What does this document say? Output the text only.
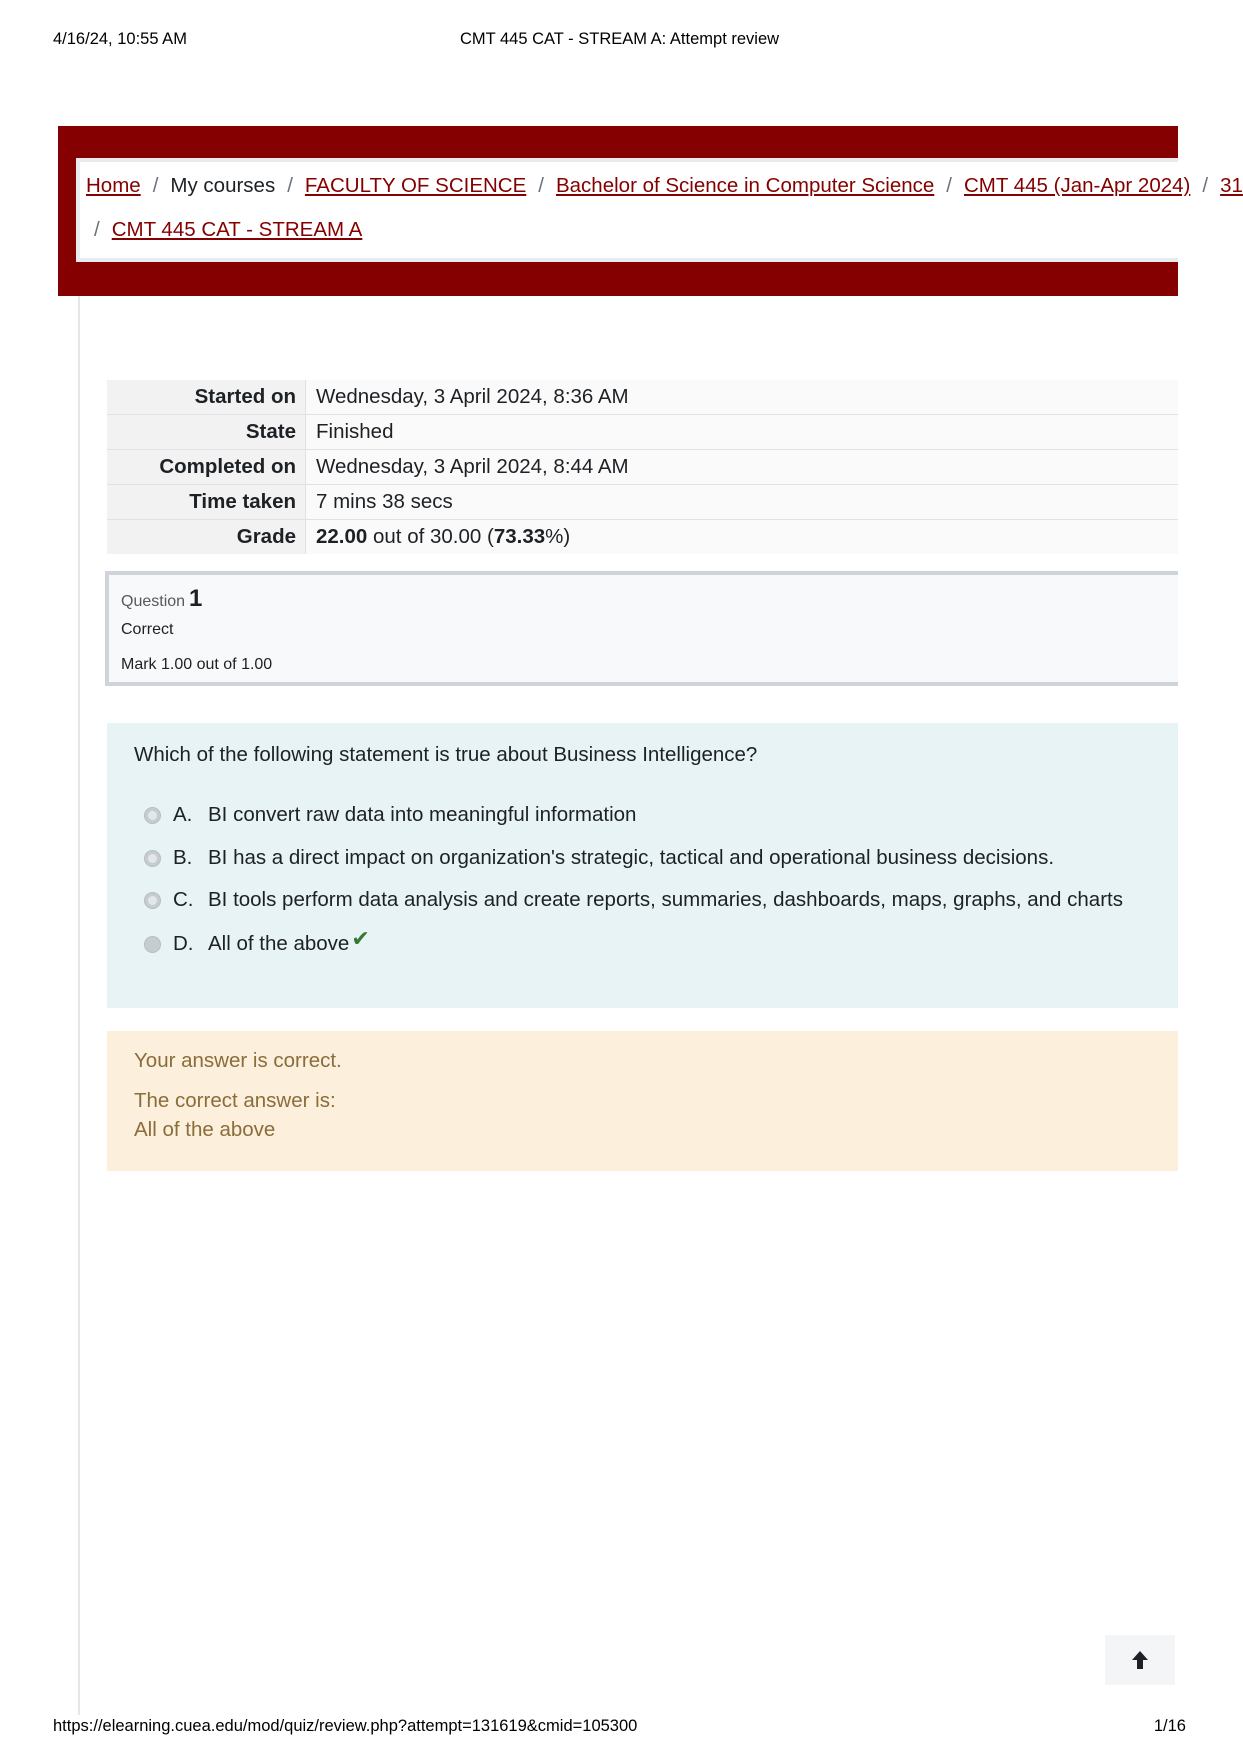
4/16/24, 10:55 AM	CMT 445 CAT - STREAM A: Attempt review
Home / My courses / FACULTY OF SCIENCE / Bachelor of Science in Computer Science / CMT 445 (Jan-Apr 2024) / 31
/ CMT 445 CAT - STREAM A
Started on Wednesday, 3 April 2024, 8:36 AM
State Finished
Completed on Wednesday, 3 April 2024, 8:44 AM
Time taken 7 mins 38 secs
Grade 22.00 out of 30.00 (73.33%)
Question 1
Correct
Mark 1.00 out of 1.00
Which of the following statement is true about Business Intelligence?
A. BI convert raw data into meaningful information
B. BI has a direct impact on organization's strategic, tactical and operational business decisions.
C. BI tools perform data analysis and create reports, summaries, dashboards, maps, graphs, and charts
D. All of the above ✔
Your answer is correct.
The correct answer is:
All of the above
https://elearning.cuea.edu/mod/quiz/review.php?attempt=131619&cmid=105300	1/16
